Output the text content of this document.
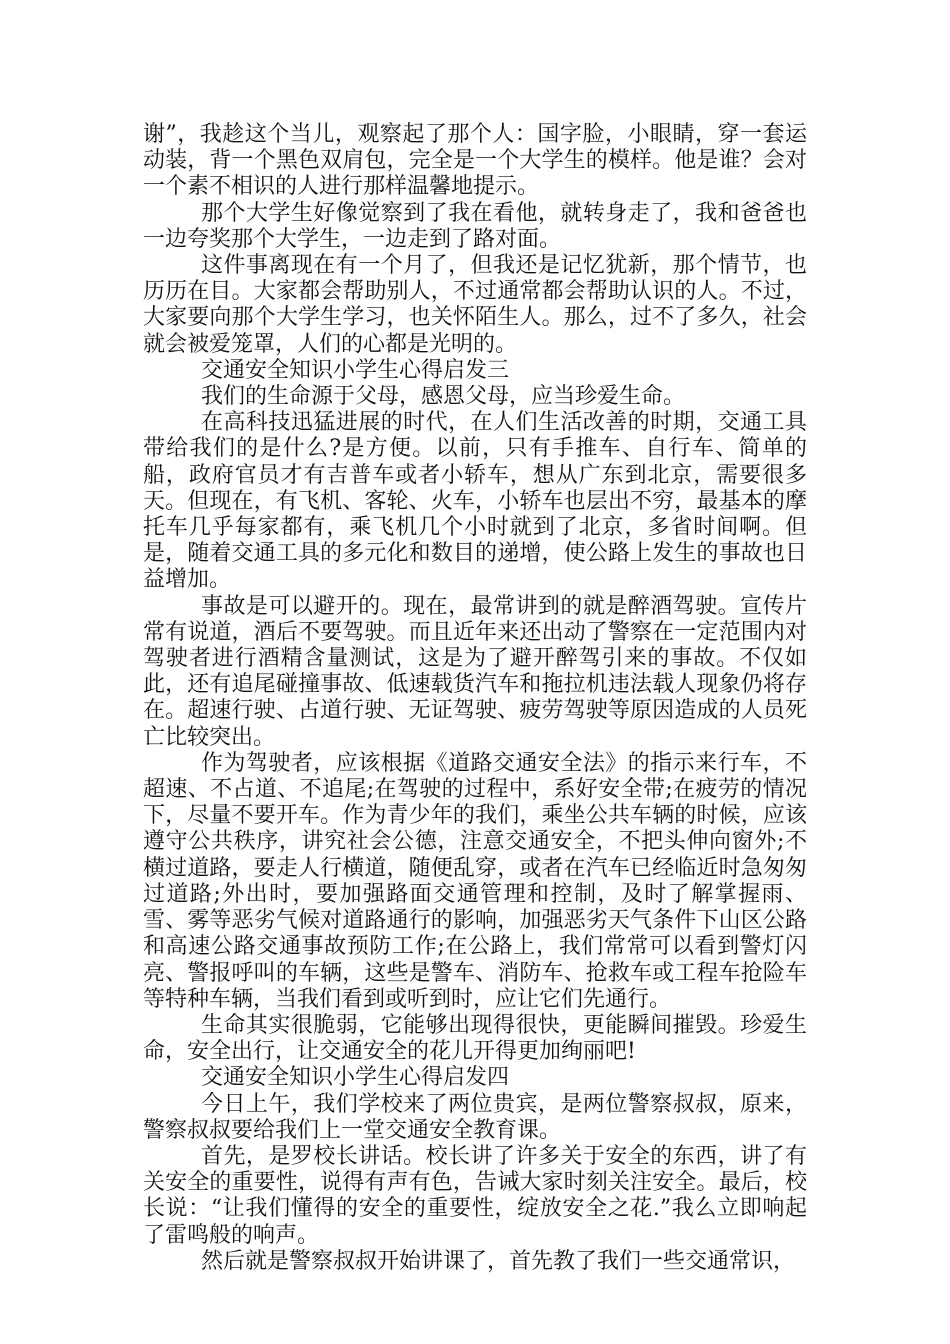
谢”，我趁这个当儿，观察起了那个人：国字脸，小眼睛，穿一套运动装，背一个黑色双肩包，完全是一个大学生的模样。他是谁？会对一个素不相识的人进行那样温馨地提示。

那个大学生好像觉察到了我在看他，就转身走了，我和爸爸也一边夸奖那个大学生，一边走到了路对面。

这件事离现在有一个月了，但我还是记忆犹新，那个情节，也历历在目。大家都会帮助别人，不过通常都会帮助认识的人。不过，大家要向那个大学生学习，也关怀陌生人。那么，过不了多久，社会就会被爱笼罩，人们的心都是光明的。

交通安全知识小学生心得启发三

我们的生命源于父母，感恩父母，应当珍爱生命。

在高科技迅猛进展的时代，在人们生活改善的时期，交通工具带给我们的是什么?是方便。以前，只有手推车、自行车、简单的船，政府官员才有吉普车或者小轿车，想从广东到北京，需要很多天。但现在，有飞机、客轮、火车，小轿车也层出不穷，最基本的摩托车几乎每家都有，乘飞机几个小时就到了北京，多省时间啊。但是，随着交通工具的多元化和数目的递增，使公路上发生的事故也日益增加。

事故是可以避开的。现在，最常讲到的就是醉酒驾驶。宣传片常有说道，酒后不要驾驶。而且近年来还出动了警察在一定范围内对驾驶者进行酒精含量测试，这是为了避开醉驾引来的事故。不仅如此，还有追尾碰撞事故、低速载货汽车和拖拉机违法载人现象仍将存在。超速行驶、占道行驶、无证驾驶、疲劳驾驶等原因造成的人员死亡比较突出。

作为驾驶者，应该根据《道路交通安全法》的指示来行车，不超速、不占道、不追尾;在驾驶的过程中，系好安全带;在疲劳的情况下，尽量不要开车。作为青少年的我们，乘坐公共车辆的时候，应该遵守公共秩序，讲究社会公德，注意交通安全，不把头伸向窗外;不横过道路，要走人行横道，随便乱穿，或者在汽车已经临近时急匆匆过道路;外出时，要加强路面交通管理和控制，及时了解掌握雨、雪、雾等恶劣气候对道路通行的影响，加强恶劣天气条件下山区公路和高速公路交通事故预防工作;在公路上，我们常常可以看到警灯闪亮、警报呼叫的车辆，这些是警车、消防车、抢救车或工程车抢险车等特种车辆，当我们看到或听到时，应让它们先通行。

生命其实很脆弱，它能够出现得很快，更能瞬间摧毁。珍爱生命，安全出行，让交通安全的花儿开得更加绚丽吧!

交通安全知识小学生心得启发四

今日上午，我们学校来了两位贵宾，是两位警察叔叔，原来，警察叔叔要给我们上一堂交通安全教育课。

首先，是罗校长讲话。校长讲了许多关于安全的东西，讲了有关安全的重要性，说得有声有色，告诫大家时刻关注安全。最后，校长说：“让我们懂得的安全的重要性，绽放安全之花.”我么立即响起了雷鸣般的响声。

然后就是警察叔叔开始讲课了，首先教了我们一些交通常识，
